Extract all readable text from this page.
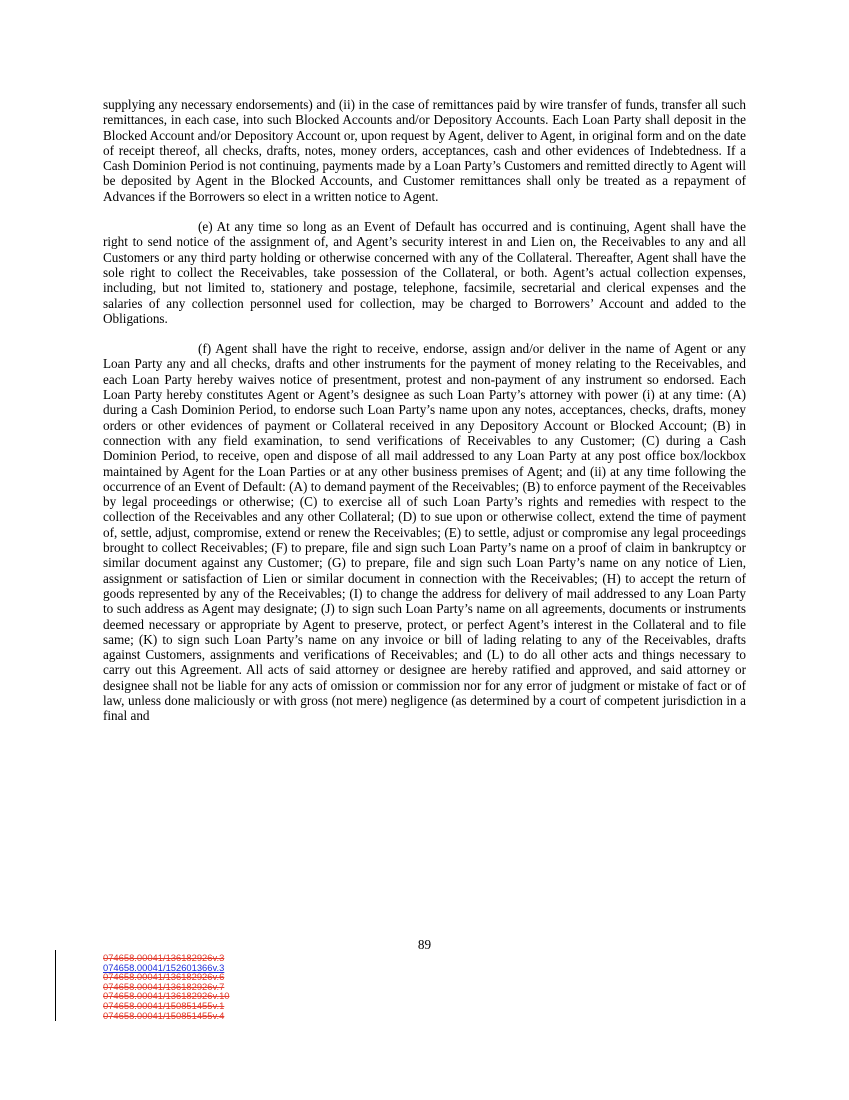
supplying any necessary endorsements) and (ii) in the case of remittances paid by wire transfer of funds, transfer all such remittances, in each case, into such Blocked Accounts and/or Depository Accounts. Each Loan Party shall deposit in the Blocked Account and/or Depository Account or, upon request by Agent, deliver to Agent, in original form and on the date of receipt thereof, all checks, drafts, notes, money orders, acceptances, cash and other evidences of Indebtedness. If a Cash Dominion Period is not continuing, payments made by a Loan Party’s Customers and remitted directly to Agent will be deposited by Agent in the Blocked Accounts, and Customer remittances shall only be treated as a repayment of Advances if the Borrowers so elect in a written notice to Agent.

(e) At any time so long as an Event of Default has occurred and is continuing, Agent shall have the right to send notice of the assignment of, and Agent’s security interest in and Lien on, the Receivables to any and all Customers or any third party holding or otherwise concerned with any of the Collateral. Thereafter, Agent shall have the sole right to collect the Receivables, take possession of the Collateral, or both. Agent’s actual collection expenses, including, but not limited to, stationery and postage, telephone, facsimile, secretarial and clerical expenses and the salaries of any collection personnel used for collection, may be charged to Borrowers’ Account and added to the Obligations.

(f) Agent shall have the right to receive, endorse, assign and/or deliver in the name of Agent or any Loan Party any and all checks, drafts and other instruments for the payment of money relating to the Receivables, and each Loan Party hereby waives notice of presentment, protest and non-payment of any instrument so endorsed. Each Loan Party hereby constitutes Agent or Agent’s designee as such Loan Party’s attorney with power (i) at any time: (A) during a Cash Dominion Period, to endorse such Loan Party’s name upon any notes, acceptances, checks, drafts, money orders or other evidences of payment or Collateral received in any Depository Account or Blocked Account; (B) in connection with any field examination, to send verifications of Receivables to any Customer; (C) during a Cash Dominion Period, to receive, open and dispose of all mail addressed to any Loan Party at any post office box/lockbox maintained by Agent for the Loan Parties or at any other business premises of Agent; and (ii) at any time following the occurrence of an Event of Default: (A) to demand payment of the Receivables; (B) to enforce payment of the Receivables by legal proceedings or otherwise; (C) to exercise all of such Loan Party’s rights and remedies with respect to the collection of the Receivables and any other Collateral; (D) to sue upon or otherwise collect, extend the time of payment of, settle, adjust, compromise, extend or renew the Receivables; (E) to settle, adjust or compromise any legal proceedings brought to collect Receivables; (F) to prepare, file and sign such Loan Party’s name on a proof of claim in bankruptcy or similar document against any Customer; (G) to prepare, file and sign such Loan Party’s name on any notice of Lien, assignment or satisfaction of Lien or similar document in connection with the Receivables; (H) to accept the return of goods represented by any of the Receivables; (I) to change the address for delivery of mail addressed to any Loan Party to such address as Agent may designate; (J) to sign such Loan Party’s name on all agreements, documents or instruments deemed necessary or appropriate by Agent to preserve, protect, or perfect Agent’s interest in the Collateral and to file same; (K) to sign such Loan Party’s name on any invoice or bill of lading relating to any of the Receivables, drafts against Customers, assignments and verifications of Receivables; and (L) to do all other acts and things necessary to carry out this Agreement. All acts of said attorney or designee are hereby ratified and approved, and said attorney or designee shall not be liable for any acts of omission or commission nor for any error of judgment or mistake of fact or of law, unless done maliciously or with gross (not mere) negligence (as determined by a court of competent jurisdiction in a final and

89
074658.00041/136182926v.3
074658.00041/152601366v.3
074658.00041/136182926v.6
074658.00041/136182926v.7
074658.00041/136182926v.10
074658.00041/150851455v.1
074658.00041/150851455v.4
